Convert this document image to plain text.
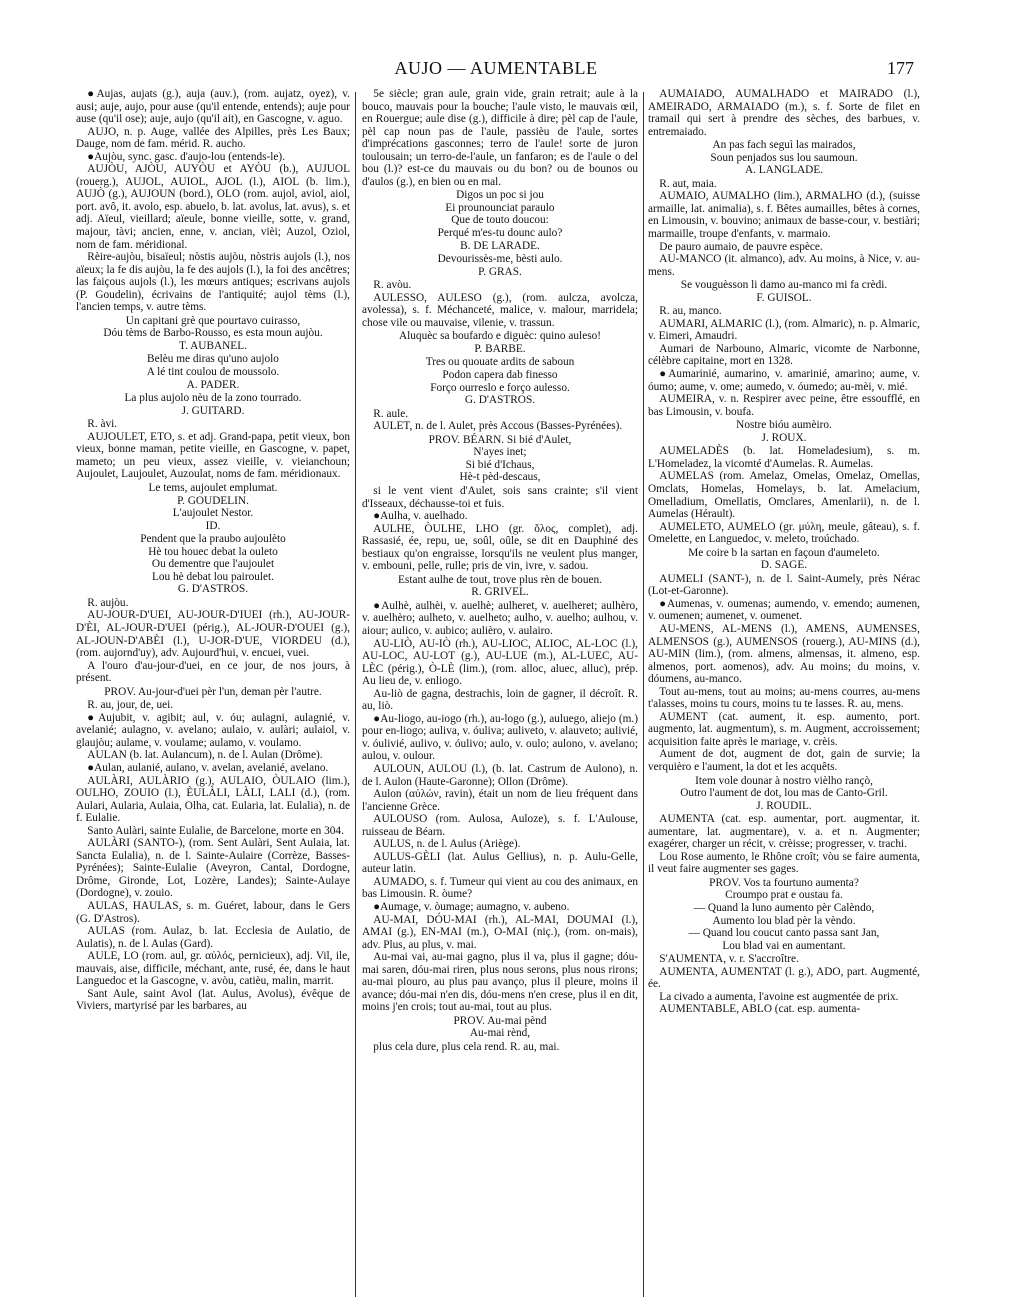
AUJO — AUMENTABLE	177

●Aujas, aujats (g.), auja (auv.), (rom. aujatz, oyez), v. ausi; auje, aujo, pour ause (qu'il entende, entends); auje pour ause (qu'il ose); auje, aujo (qu'il ait), en Gascogne, v. aguo.

AUJO, n. p. Auge, vallée des Alpilles, près Les Baux; Dauge, nom de fam. mérid. R. aucho.

●Aujòu, sync. gasc. d'aujo-lou (entends-le).

AUJÒU, AJÒU, AUYÒU et AYÒU (b.), AUJUOL (rouerg.), AUJOL, AUIOL, AJOL (l.), AIOL (b. lim.), AUJÒ (g.), AUJOUN (bord.), OLO (rom. aujol, aviol, aiol, port. avô, it. avolo, esp. abuelo, b. lat. avolus, lat. avus), s. et adj. Aïeul, vieillard; aïeule, bonne vieille, sotte, v. grand, majour, tàvi; ancien, enne, v. ancian, vièi; Auzol, Oziol, nom de fam. méridional.

Rèire-aujòu, bisaïeul; nòstis aujòu, nòstris aujols (l.), nos aïeux; la fe dis aujòu, la fe des aujols (l.), la foi des ancêtres; las faiçous aujols (l.), les mœurs antiques; escrivans aujols (P. Goudelin), écrivains de l'antiquité; aujol tèms (l.), l'ancien temps, v. autre tèms.

Un capitani grè que pourtavo cuirasso,
Dóu tèms de Barbo-Rousso, es esta moun aujòu.
T. AUBANEL.

Belèu me diras qu'uno aujolo
A lé tint coulou de moussolo.
A. PADER.

La plus aujolo nèu de la zono tourrado.
J. GUITARD.

R. àvi.

AUJOULET, ETO, s. et adj. Grand-papa, petit vieux, bon vieux, bonne maman, petite vieille, en Gascogne, v. papet, mameto; un peu vieux, assez vieille, v. vieianchoun; Aujoulet, Laujoulet, Auzoulat, noms de fam. méridionaux.

Le tems, aujoulet emplumat.
P. GOUDELIN.
L'aujoulet Nestor.
ID.

Pendent que la praubo aujoulèto
Hè tou houec debat la ouleto
Ou dementre que l'aujoulet
Lou hè debat lou pairoulet.
G. D'ASTROS.

R. aujòu.

AU-JOUR-D'UEI, AU-JOUR-D'IUEI (rh.), AU-JOUR-D'ÈI, AL-JOUR-D'UEI (périg.), AL-JOUR-D'OUEI (g.), AL-JOUN-D'ABÈI (l.), U-JOR-D'UE, VIORDEU (d.), (rom. aujornd'uy), adv. Aujourd'hui, v. encuei, vuei.

A l'ouro d'au-jour-d'uei, en ce jour, de nos jours, à présent.

PROV. Au-jour-d'uei pèr l'un, deman pèr l'autre.

R. au, jour, de, uei.

●Aujubit, v. agibit; aul, v. óu; aulagni, aulagnié, v. avelanié; aulagno, v. avelano; aulaio, v. aulàri; aulaiol, v. glaujòu; aulame, v. voulame; aulamo, v. voulamo.

AULAN (b. lat. Aulancum), n. de l. Aulan (Drôme).

●Aulan, aulanié, aulano, v. avelan, avelanié, avelano.

AULÀRI, AULÀRIO (g.), AULAIO, ÒULAIO (lim.), OULHO, ZOUIO (l.), ÈULÀLI, LÀLI, LALI (d.), (rom. Aulari, Aularia, Aulaia, Olha, cat. Eularia, lat. Eulalia), n. de f. Eulalie.

Santo Aulàri, sainte Eulalie, de Barcelone, morte en 304.

AULÀRI (SANTO-), (rom. Sent Aulàri, Sent Aulaia, lat. Sancta Eulalia), n. de l. Sainte-Aulaire (Corrèze, Basses-Pyrénées); Sainte-Eulalie (Aveyron, Cantal, Dordogne, Drôme, Gironde, Lot, Lozère, Landes); Sainte-Aulaye (Dordogne), v. zouio.

AULAS, HAULAS, s. m. Guéret, labour, dans le Gers (G. D'Astros).

AULAS (rom. Aulaz, b. lat. Ecclesia de Aulatio, de Aulatis), n. de l. Aulas (Gard).

AULE, LO (rom. aul, gr. αὐλός, pernicieux), adj. Vil, ile, mauvais, aise, difficile, méchant, ante, rusé, ée, dans le haut Languedoc et la Gascogne, v. avòu, catièu, malin, marrit.

Sant Aule, saint Avol (lat. Aulus, Avolus), évêque de Viviers, martyrisé par les barbares, au

5e siècle; gran aule, grain vide, grain retrait; aule à la bouco, mauvais pour la bouche; l'aule visto, le mauvais œil, en Rouergue; aule dise (g.), difficile à dire; pèl cap de l'aule, pèl cap noun pas de l'aule, passièu de l'aule, sortes d'imprécations gasconnes; terro de l'aule! sorte de juron toulousain; un terro-de-l'aule, un fanfaron; es de l'aule o del bou (l.)? est-ce du mauvais ou du bon? ou de bounos ou d'aulos (g.), en bien ou en mal.

Digos un poc si jou
Ei prounounciat paraulo
Que de touto doucou:
Perqué m'es-tu dounc aulo?
B. DE LARADE.

Devourissès-me, bèsti aulo.
P. GRAS.

R. avòu.

AULESSO, AULESO (g.), (rom. aulcza, avolcza, avolessa), s. f. Méchanceté, malice, v. malour, marridela; chose vile ou mauvaise, vilenie, v. trassun.

Aluquèc sa boufardo e diguèc: quino auleso!
P. BARBE.

Tres ou quouate ardits de saboun
Podon capera dab finesso
Forço ourreslo e forço aulesso.
G. D'ASTROS.

R. aule.

AULET, n. de l. Aulet, près Accous (Basses-Pyrénées).

PROV. BÉARN. Si bié d'Aulet,
N'ayes inet;
Si bié d'Ichaus,
Hè-t pèd-descaus,

si le vent vient d'Aulet, sois sans crainte; s'il vient d'Isseaux, déchausse-toi et fuis.

●Aulha, v. auelhado.

AULHE, ÒULHE, LHO (gr. ὅλος, complet), adj. Rassasié, ée, repu, ue, soûl, oûle, se dit en Dauphiné des bestiaux qu'on engraisse, lorsqu'ils ne veulent plus manger, v. embouni, pelle, rulle; pris de vin, ivre, v. sadou.

Estant aulhe de tout, trove plus rèn de bouen.
R. GRIVEL.

●Aulhè, aulhèi, v. auelhè; aulheret, v. auelheret; aulhèro, v. auelhèro; aulheto, v. auelheto; aulho, v. auelho; aulhou, v. aiour; aulico, v. aubico; aulièro, v. aulairo.

AU-LIÒ, AU-IÒ (rh.), AU-LIOC, ALIOC, AL-LOC (l.), AU-LOC, AU-LOT (g.), AU-LUE (m.), AL-LUEC, AU-LÈC (périg.), Ò-LÈ (lim.), (rom. alloc, aluec, alluc), prép. Au lieu de, v. enliogo.

Au-liò de gagna, destrachis, loin de gagner, il décroît. R. au, liò.

●Au-liogo, au-iogo (rh.), au-logo (g.), auluego, aliejo (m.) pour en-liogo; auliva, v. óuliva; auliveto, v. alauveto; aulivié, v. óulivié, aulivo, v. óulivo; aulo, v. oulo; aulono, v. avelano; aulou, v. oulour.

AULOUN, AULOU (l.), (b. lat. Castrum de Aulono), n. de l. Aulon (Haute-Garonne); Ollon (Drôme).

Aulon (αὐλών, ravin), était un nom de lieu fréquent dans l'ancienne Grèce.

AULOUSO (rom. Aulosa, Auloze), s. f. L'Aulouse, ruisseau de Béarn.

AULUS, n. de l. Aulus (Ariège).

AULUS-GÈLI (lat. Aulus Gellius), n. p. Aulu-Gelle, auteur latin.

AUMADO, s. f. Tumeur qui vient au cou des animaux, en bas Limousin. R. òume?

●Aumage, v. òumage; aumagno, v. aubeno.

AU-MAI, DÓU-MAI (rh.), AL-MAI, DOUMAI (l.), AMAI (g.), EN-MAI (m.), O-MAI (niç.), (rom. on-mais), adv. Plus, au plus, v. mai.

Au-mai vai, au-mai gagno, plus il va, plus il gagne; dóu-mai saren, dóu-mai riren, plus nous serons, plus nous rirons; au-mai plouro, au plus pau avanço, plus il pleure, moins il avance; dóu-mai n'en dis, dóu-mens n'en crese, plus il en dit, moins j'en crois; tout au-mai, tout au plus.

PROV. Au-mai pènd
Au-mai rènd,

plus cela dure, plus cela rend. R. au, mai.

AUMAIADO, AUMALHADO et MAIRADO (l.), AMEIRADO, ARMAIADO (m.), s. f. Sorte de filet en tramail qui sert à prendre des sèches, des barbues, v. entremaiado.

An pas fach seguì las mairados,
Soun penjados sus lou saumoun.
A. LANGLADE.

R. aut, maia.

AUMAIO, AUMALHO (lim.), ARMALHO (d.), (suisse armaille, lat. animalia), s. f. Bêtes aumailles, bêtes à cornes, en Limousin, v. bouvino; animaux de basse-cour, v. bestiàri; marmaille, troupe d'enfants, v. marmaio.

De pauro aumaio, de pauvre espèce.

AU-MANCO (it. almanco), adv. Au moins, à Nice, v. au-mens.

Se vouguèsson li damo au-manco mi fa crèdi.
F. GUISOL.

R. au, manco.

AUMARI, ALMARIC (l.), (rom. Almaric), n. p. Almaric, v. Eimeri, Amaudri.

Aumari de Narbouno, Almaric, vicomte de Narbonne, célèbre capitaine, mort en 1328.

●Aumarinié, aumarino, v. amarinié, amarino; aume, v. óumo; aume, v. ome; aumedo, v. óumedo; au-mèi, v. mié.

AUMEIRA, v. n. Respirer avec peine, être essoufflé, en bas Limousin, v. boufa.

Nostre bióu aumèiro.
J. ROUX.

AUMELADÈS (b. lat. Homeladesium), s. m. L'Homeladez, la vicomté d'Aumelas. R. Aumelas.

AUMELAS (rom. Amelaz, Omelas, Omelaz, Omellas, Omclats, Homelas, Homelays, b. lat. Amelacium, Omelladium, Omellatis, Omclares, Amenlarii), n. de l. Aumelas (Hérault).

AUMELETO, AUMELO (gr. μύλη, meule, gâteau), s. f. Omelette, en Languedoc, v. meleto, troúchado.

Me coire b la sartan en façoun d'aumeleto.
D. SAGE.

AUMELI (SANT-), n. de l. Saint-Aumely, près Nérac (Lot-et-Garonne).

●Aumenas, v. oumenas; aumendo, v. emendo; aumenen, v. oumenen; aumenet, v. oumenet.

AU-MENS, AL-MENS (l.), AMENS, AUMENSES, ALMENSOS (g.), AUMENSOS (rouerg.), AU-MINS (d.), AU-MIN (lim.), (rom. almens, almensas, it. almeno, esp. almenos, port. aomenos), adv. Au moins; du moins, v. dóumens, au-manco.

Tout au-mens, tout au moins; au-mens courres, au-mens t'alasses, moins tu cours, moins tu te lasses. R. au, mens.

AUMENT (cat. aument, it. esp. aumento, port. augmento, lat. augmentum), s. m. Augment, accroissement; acquisition faite après le mariage, v. crèis.

Aument de dot, augment de dot, gain de survie; la verquièro e l'aument, la dot et les acquêts.

Item vole dounar à nostro vièlho rançò,
Outro l'aument de dot, lou mas de Canto-Gril.
J. ROUDIL.

AUMENTA (cat. esp. aumentar, port. augmentar, it. aumentare, lat. augmentare), v. a. et n. Augmenter; exagérer, charger un récit, v. crèisse; progresser, v. trachi.

Lou Rose aumento, le Rhône croît; vòu se faire aumenta, il veut faire augmenter ses gages.

PROV. Vos ta fourtuno aumenta?
Croumpo prat e oustau fa.
— Quand la luno aumento pèr Calèndo,
Aumento lou blad pèr la vèndo.
— Quand lou coucut canto passa sant Jan,
Lou blad vai en aumentant.

S'AUMENTA, v. r. S'accroître.

AUMENTA, AUMENTAT (l. g.), ADO, part. Augmenté, ée.

La civado a aumenta, l'avoine est augmentée de prix.

AUMENTABLE, ABLO (cat. esp. aumenta-
